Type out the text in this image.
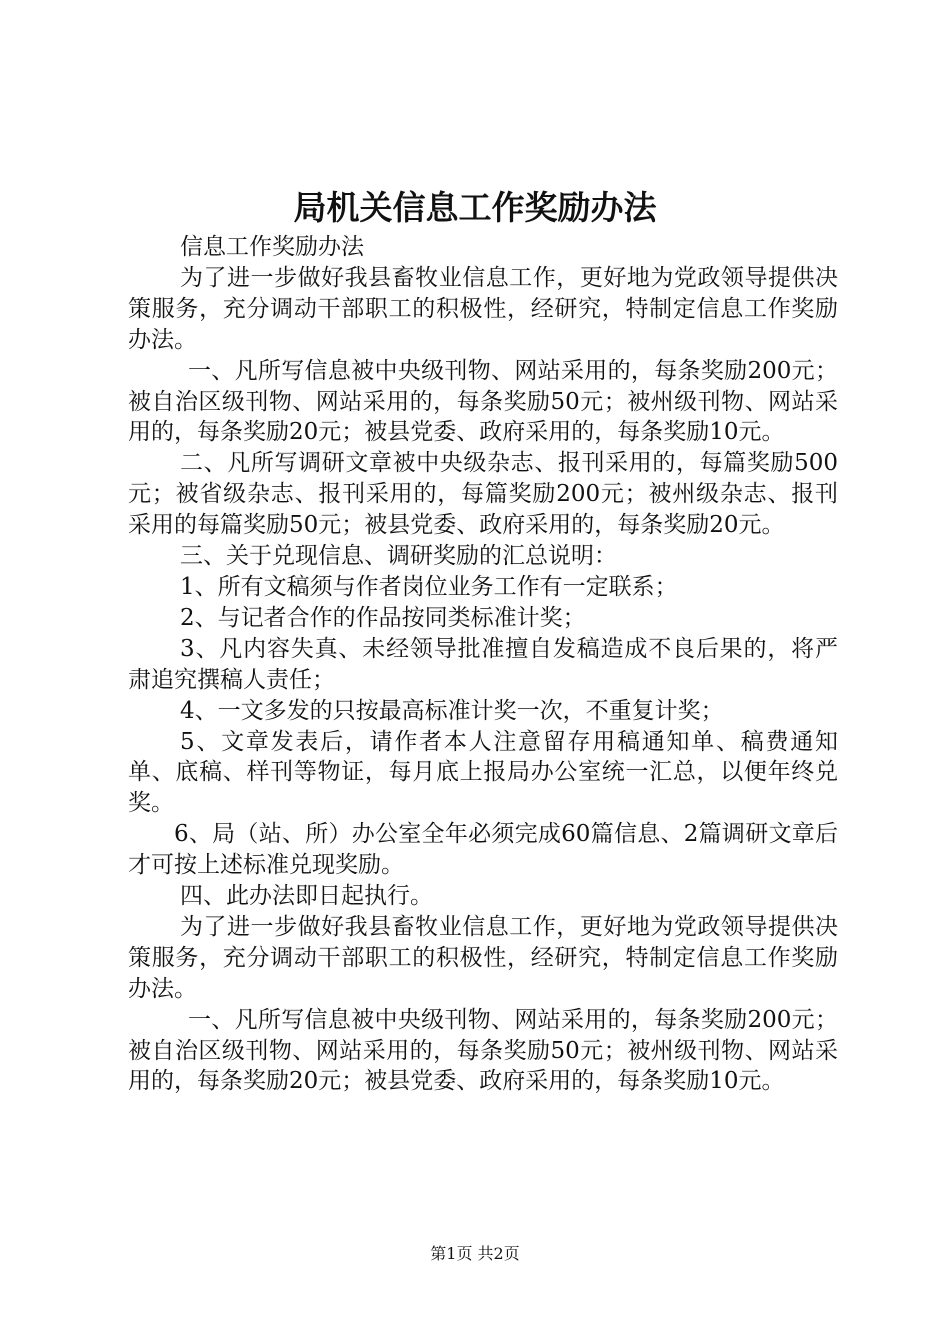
局机关信息工作奖励办法

信息工作奖励办法

为了进一步做好我县畜牧业信息工作，更好地为党政领导提供决策服务，充分调动干部职工的积极性，经研究，特制定信息工作奖励办法。

一、凡所写信息被中央级刊物、网站采用的，每条奖励200元；被自治区级刊物、网站采用的，每条奖励50元；被州级刊物、网站采用的，每条奖励20元；被县党委、政府采用的，每条奖励10元。

二、凡所写调研文章被中央级杂志、报刊采用的，每篇奖励500元；被省级杂志、报刊采用的，每篇奖励200元；被州级杂志、报刊采用的每篇奖励50元；被县党委、政府采用的，每条奖励20元。

三、关于兑现信息、调研奖励的汇总说明：

1、所有文稿须与作者岗位业务工作有一定联系；

2、与记者合作的作品按同类标准计奖；

3、凡内容失真、未经领导批准擅自发稿造成不良后果的，将严肃追究撰稿人责任；

4、一文多发的只按最高标准计奖一次，不重复计奖；

5、文章发表后，请作者本人注意留存用稿通知单、稿费通知单、底稿、样刊等物证，每月底上报局办公室统一汇总，以便年终兑奖。

6、局（站、所）办公室全年必须完成60篇信息、2篇调研文章后才可按上述标准兑现奖励。

四、此办法即日起执行。

为了进一步做好我县畜牧业信息工作，更好地为党政领导提供决策服务，充分调动干部职工的积极性，经研究，特制定信息工作奖励办法。

一、凡所写信息被中央级刊物、网站采用的，每条奖励200元；被自治区级刊物、网站采用的，每条奖励50元；被州级刊物、网站采用的，每条奖励20元；被县党委、政府采用的，每条奖励10元。

第1页 共2页
